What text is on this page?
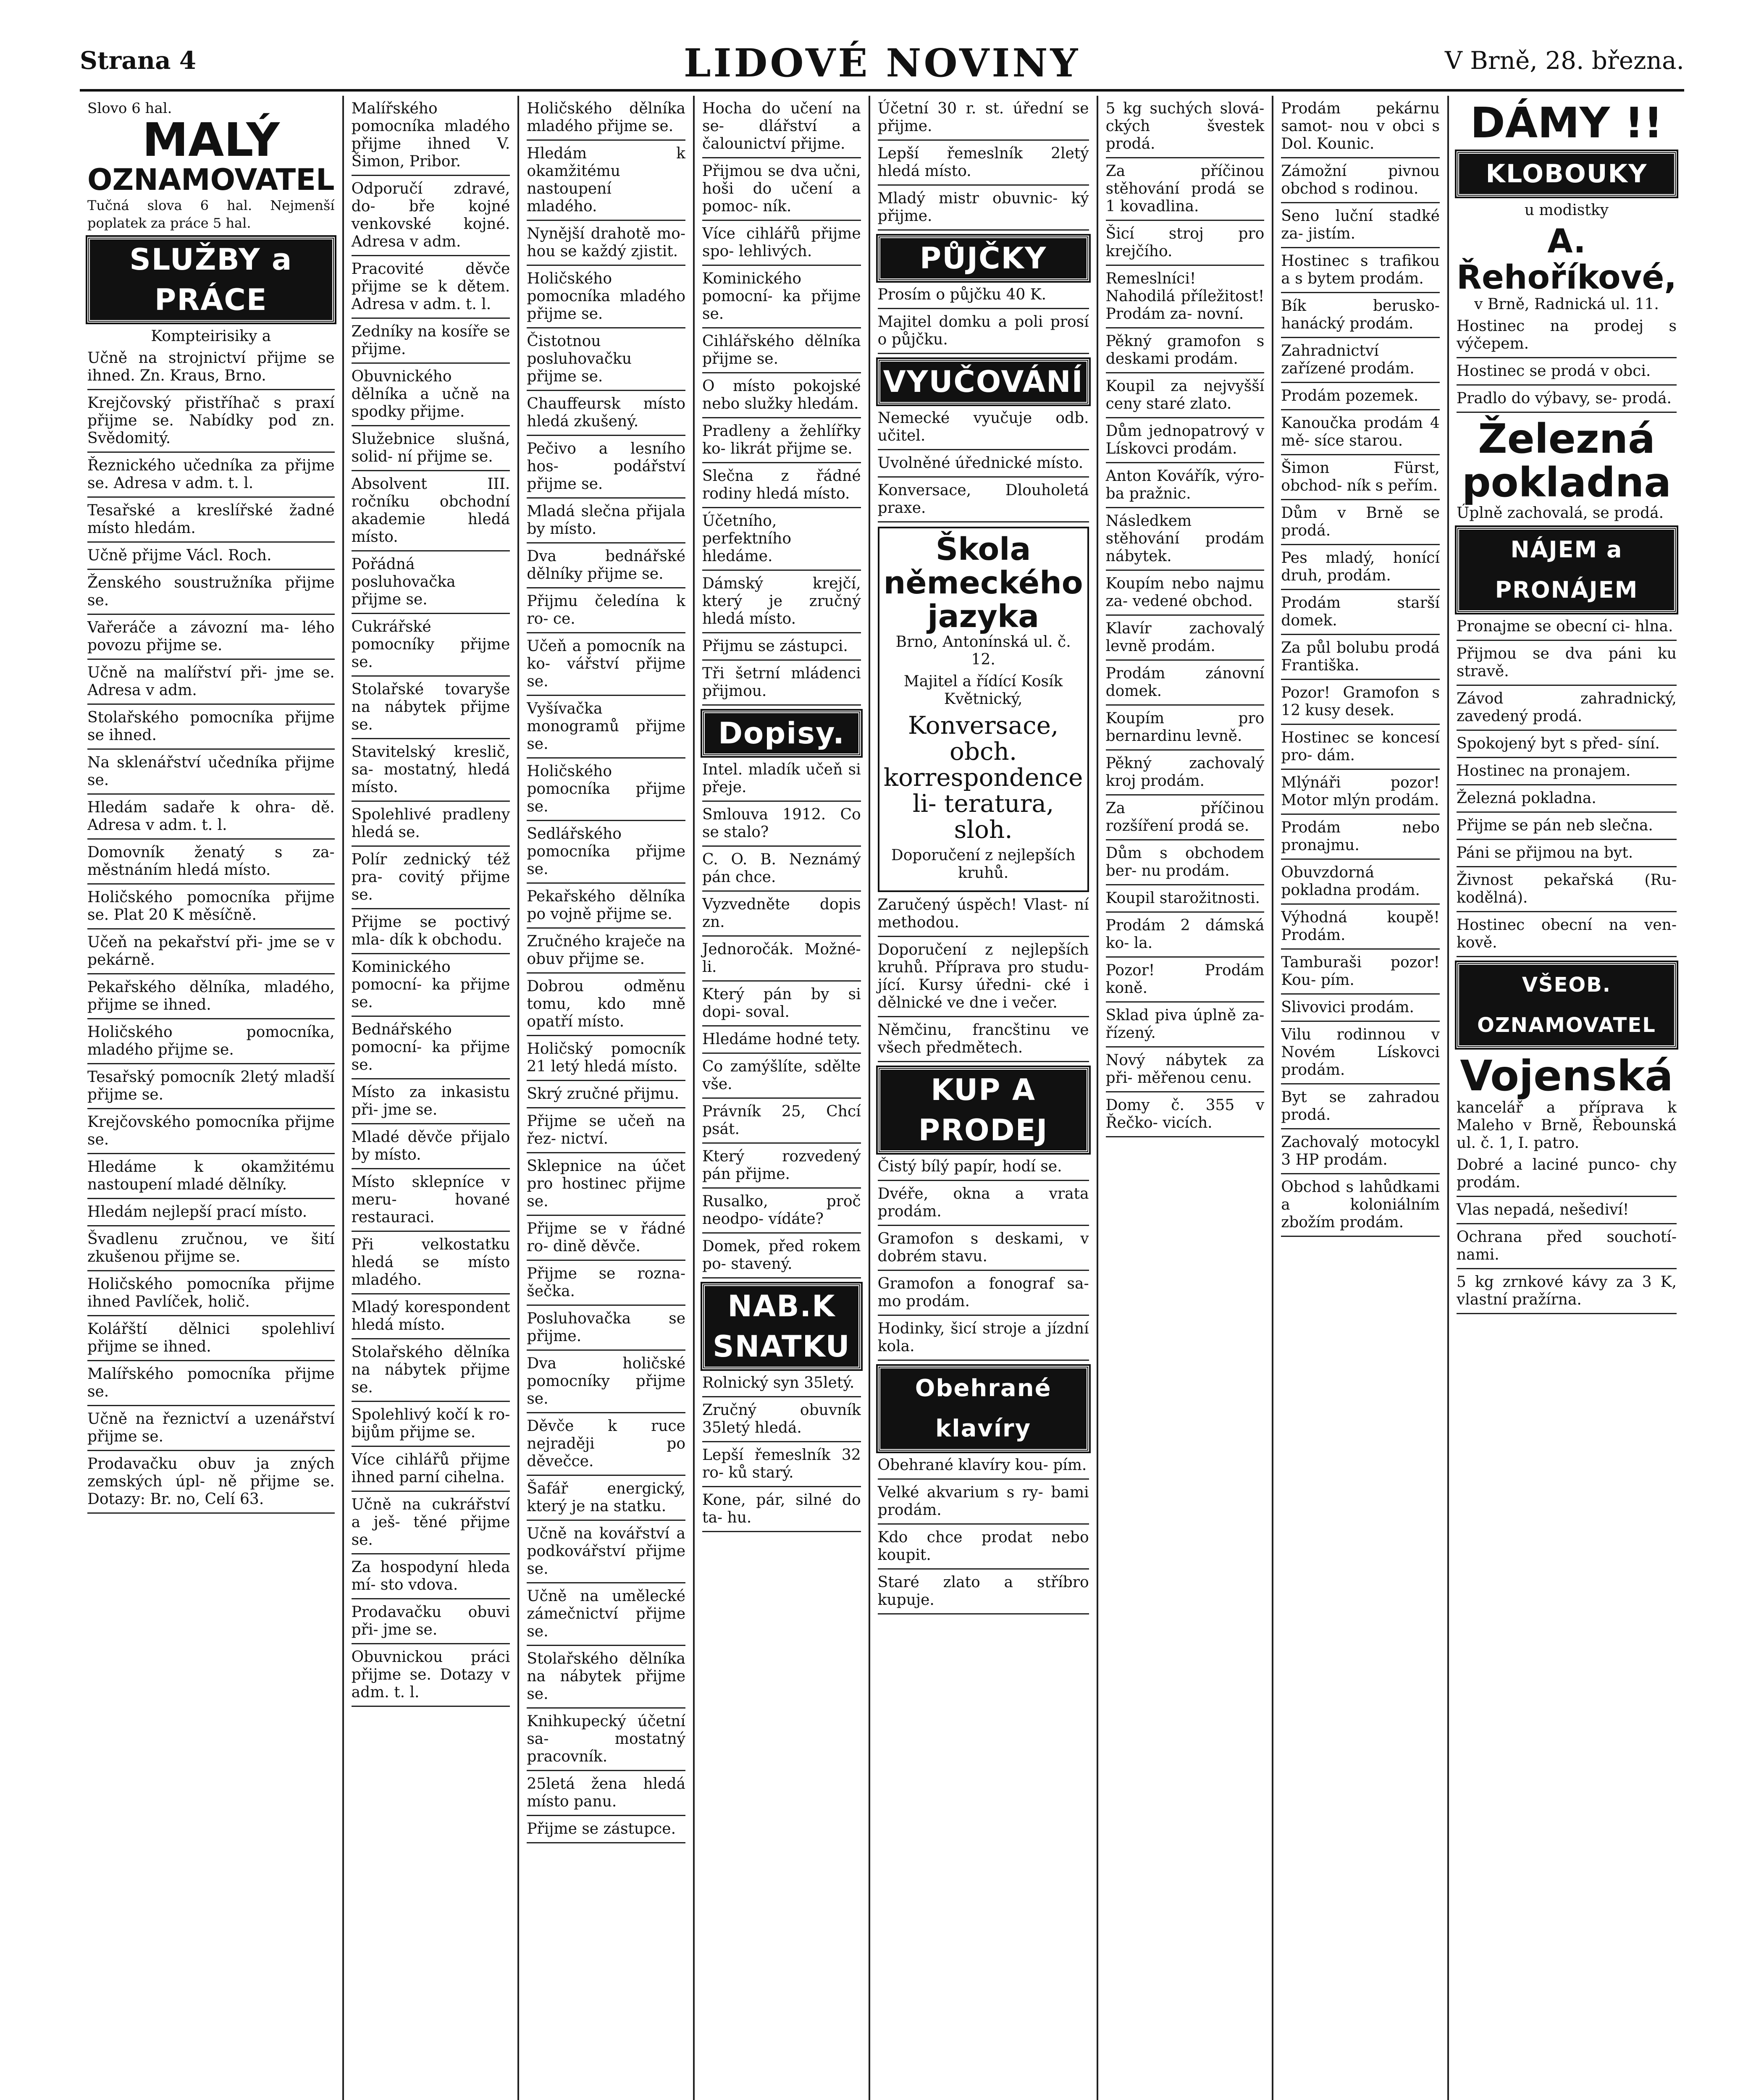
Strana 4	LIDOVÉ NOVINY	V Brně, 28. března.
Slovo 6 hal.
MALÝ
OZNAMOVATEL
Tučná slova 6 hal. Nejmenší poplatek za práce 5 hal.
SLUŽBY a PRÁCE
Kompteirisiky a
Učně na strojnictví přijme se ihned. Zn. Kraus, Brno.
Krejčovský přistříhač s praxí přijme se. Nabídky pod zn. Svědomitý.
Řeznického učedníka za přijme se. Adresa v adm. t. l.
Tesařské a kreslířské žadné místo hledám.
Učně přijme Václ. Roch.
Ženského soustružníka přijme se.
Vařeráče a závozní ma- lého povozu přijme se.
Učně na malířství při- jme se. Adresa v adm.
Stolařského pomocníka přijme se ihned.
Na sklenářství učedníka přijme se.
Hledám sadaře k ohra- dě. Adresa v adm. t. l.
Domovník ženatý s za- městnáním hledá místo.
Holičského pomocníka přijme se. Plat 20 K měsíčně.
Učeň na pekařství při- jme se v pekárně.
Pekařského dělníka, mladého, přijme se ihned.
Holičského pomocníka, mladého přijme se.
Tesařský pomocník 2letý mladší přijme se.
Krejčovského pomocníka přijme se.
Hledáme k okamžitému nastoupení mladé dělníky.
Hledám nejlepší prací místo.
Švadlenu zručnou, ve šití zkušenou přijme se.
Holičského pomocníka přijme ihned Pavlíček, holič.
Kolářští dělnici spolehliví přijme se ihned.
Malířského pomocníka přijme se.
Učně na řeznictví a uzenářství přijme se.
Prodavačku obuv ja zných zemských úpl- ně přijme se. Dotazy: Br. no, Celí 63.
Malířského pomocníka mladého přijme ihned V. Šimon, Pribor.
Odporučí zdravé, do- bře kojné venkovské kojné. Adresa v adm.
Pracovité děvče přijme se k dětem. Adresa v adm. t. l.
Zedníky na kosíře se přijme.
Obuvnického dělníka a učně na spodky přijme.
Služebnice slušná, solid- ní přijme se.
Absolvent III. ročníku obchodní akademie hledá místo.
Pořádná posluhovačka přijme se.
Cukrářské pomocníky přijme se.
Stolařské tovaryše na nábytek přijme se.
Stavitelský kreslič, sa- mostatný, hledá místo.
Spolehlivé pradleny hledá se.
Polír zednický též pra- covitý přijme se.
Přijme se poctivý mla- dík k obchodu.
Kominického pomocní- ka přijme se.
Bednářského pomocní- ka přijme se.
Místo za inkasistu při- jme se.
Mladé děvče přijalo by místo.
Místo sklepníce v meru- hované restauraci.
Při velkostatku hledá se místo mladého.
Mladý korespondent hledá místo.
Stolařského dělníka na nábytek přijme se.
Spolehlivý kočí k ro- bijům přijme se.
Více cihlářů přijme ihned parní cihelna.
Učně na cukrářství a ješ- těné přijme se.
Za hospodyní hleda mí- sto vdova.
Prodavačku obuvi při- jme se.
Obuvnickou práci přijme se. Dotazy v adm. t. l.
Holičského dělníka mladého přijme se.
Hledám k okamžitému nastoupení mladého.
Nynější drahotě mo- hou se každý zjistit.
Holičského pomocníka mladého přijme se.
Čistotnou posluhovačku přijme se.
Chauffeursk místo hledá zkušený.
Pečivo a lesního hos- podářství přijme se.
Mladá slečna přijala by místo.
Dva bednářské dělníky přijme se.
Přijmu čeledína k ro- ce.
Učeň a pomocník na ko- vářství přijme se.
Vyšívačka monogramů přijme se.
Holičského pomocníka přijme se.
Sedlářského pomocníka přijme se.
Pekařského dělníka po vojně přijme se.
Zručného kraječe na obuv přijme se.
Dobrou odměnu tomu, kdo mně opatří místo.
Holičský pomocník 21 letý hledá místo.
Skrý zručné přijmu.
Přijme se učeň na řez- nictví.
Sklepnice na účet pro hostinec přijme se.
Přijme se v řádné ro- dině děvče.
Přijme se rozna- šečka.
Posluhovačka se přijme.
Dva holičské pomocníky přijme se.
Děvče k ruce nejraději po děvečce.
Šafář energický, který je na statku.
Učně na kovářství a podkovářství přijme se.
Učně na umělecké zámečnictví přijme se.
Stolařského dělníka na nábytek přijme se.
Knihkupecký účetní sa- mostatný pracovník.
25letá žena hledá místo panu.
Přijme se zástupce.
Hocha do učení na se- dlářství a čalounictví přijme.
Přijmou se dva učni, hoši do učení a pomoc- ník.
Více cihlářů přijme spo- lehlivých.
Kominického pomocní- ka přijme se.
Cihlářského dělníka přijme se.
O místo pokojské nebo služky hledám.
Pradleny a žehlířky ko- likrát přijme se.
Slečna z řádné rodiny hledá místo.
Účetního, perfektního hledáme.
Dámský krejčí, který je zručný hledá místo.
Přijmu se zástupci.
Tři šetrní mládenci přijmou.
Dopisy.
Intel. mladík učeň si přeje.
Smlouva 1912. Co se stalo?
C. O. B. Neznámý pán chce.
Vyzvedněte dopis zn.
Jednoročák. Možné-li.
Který pán by si dopi- soval.
Hledáme hodné tety.
Co zamýšlíte, sdělte vše.
Právník 25, Chcí psát.
Který rozvedený pán přijme.
Rusalko, proč neodpo- vídáte?
Domek, před rokem po- stavený.
NAB.K SNATKU
Rolnický syn 35letý.
Zručný obuvník 35letý hledá.
Lepší řemeslník 32 ro- ků starý.
Kone, pár, silné do ta- hu.
Účetní 30 r. st. úřední se přijme.
Lepší řemeslník 2letý hledá místo.
Mladý mistr obuvnic- ký přijme.
PŮJČKY
Prosím o půjčku 40 K.
Majitel domku a poli prosí o půjčku.
VYUČOVÁNÍ
Nemecké vyučuje odb. učitel.
Uvolněné úřednické místo.
Konversace, Dlouholetá praxe.
Škola německého jazyka
Brno, Antonínská ul. č. 12.
Majitel a řídící Kosík Květnický,
Konversace, obch. korrespondence li- teratura, sloh.
Doporučení z nejlepších kruhů.
Zaručený úspěch! Vlast- ní methodou.
Doporučení z nejlepších kruhů. Příprava pro studu- jící. Kursy úředni- cké i dělnické ve dne i večer.
Němčinu, francštinu ve všech předmětech.
KUP A PRODEJ
Čistý bílý papír, hodí se.
Dvéře, okna a vrata prodám.
Gramofon s deskami, v dobrém stavu.
Gramofon a fonograf sa- mo prodám.
Hodinky, šicí stroje a jízdní kola.
Obehrané klavíry
Obehrané klavíry kou- pím.
Velké akvarium s ry- bami prodám.
Kdo chce prodat nebo koupit.
Staré zlato a stříbro kupuje.
5 kg suchých slová- ckých švestek prodá.
Za příčinou stěhování prodá se 1 kovadlina.
Šicí stroj pro krejčího.
Remeslníci! Nahodilá příležitost! Prodám za- novní.
Pěkný gramofon s deskami prodám.
Koupil za nejvyšší ceny staré zlato.
Dům jednopatrový v Lískovci prodám.
Anton Kovářík, výro- ba pražnic.
Následkem stěhování prodám nábytek.
Koupím nebo najmu za- vedené obchod.
Klavír zachovalý levně prodám.
Prodám zánovní domek.
Koupím pro bernardinu levně.
Pěkný zachovalý kroj prodám.
Za příčinou rozšíření prodá se.
Dům s obchodem ber- nu prodám.
Koupil starožitnosti.
Prodám 2 dámská ko- la.
Pozor! Prodám koně.
Sklad piva úplně za- řízený.
Nový nábytek za při- měřenou cenu.
Domy č. 355 v Řečko- vicích.
Prodám pekárnu samot- nou v obci s Dol. Kounic.
Zámožní pivnou obchod s rodinou.
Seno luční stadké za- jistím.
Hostinec s trafikou a s bytem prodám.
Bík berusko-hanácký prodám.
Zahradnictví zařízené prodám.
Prodám pozemek.
Kanoučka prodám 4 mě- síce starou.
Šimon Fürst, obchod- ník s peřím.
Dům v Brně se prodá.
Pes mladý, honící druh, prodám.
Prodám starší domek.
Za půl bolubu prodá Františka.
Pozor! Gramofon s 12 kusy desek.
Hostinec se koncesí pro- dám.
Mlýnáři pozor! Motor mlýn prodám.
Prodám nebo pronajmu.
Obuvzdorná pokladna prodám.
Výhodná koupě! Prodám.
Tamburaši pozor! Kou- pím.
Slivovici prodám.
Vilu rodinnou v Novém Lískovci prodám.
Byt se zahradou prodá.
Zachovalý motocykl 3 HP prodám.
Obchod s lahůdkami a koloniálním zbožím prodám.
DÁMY !!
KLOBOUKY
u modistky
A. Řehoříkové,
v Brně, Radnická ul. 11.
Hostinec na prodej s výčepem.
Hostinec se prodá v obci.
Pradlo do výbavy, se- prodá.
Železná pokladna
Úplně zachovalá, se prodá.
NÁJEM a PRONÁJEM
Pronajme se obecní ci- hlna.
Přijmou se dva páni ku stravě.
Závod zahradnický, zavedený prodá.
Spokojený byt s před- síní.
Hostinec na pronajem.
Železná pokladna.
Přijme se pán neb slečna.
Páni se přijmou na byt.
Živnost pekařská (Ru- kodělná).
Hostinec obecní na ven- kově.
VŠEOB. OZNAMOVATEL
Vojenská
kancelář a příprava k Maleho v Brně, Řebounská ul. č. 1, I. patro.
Dobré a laciné punco- chy prodám.
Vlas nepadá, nešediví!
Ochrana před souchotí- nami.
5 kg zrnkové kávy za 3 K, vlastní pražírna.
